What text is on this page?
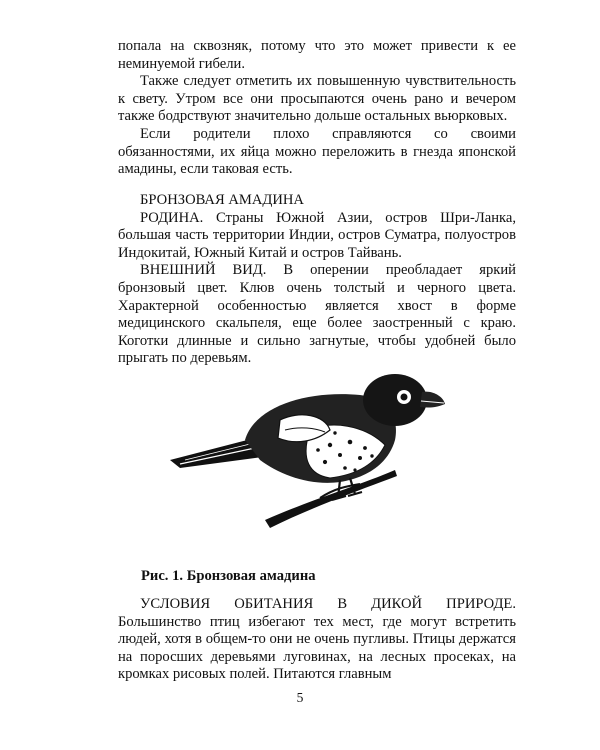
попала на сквозняк, потому что это может привести к ее неминуемой гибели.

Также следует отметить их повышенную чувствительность к свету. Утром все они просыпаются очень рано и вечером также бодрствуют значительно дольше остальных вьюрковых.

Если родители плохо справляются со своими обязанностями, их яйца можно переложить в гнезда японской амадины, если таковая есть.

БРОНЗОВАЯ АМАДИНА

РОДИНА. Страны Южной Азии, остров Шри-Ланка, большая часть территории Индии, остров Суматра, полуостров Индокитай, Южный Китай и остров Тайвань.

ВНЕШНИЙ ВИД. В оперении преобладает яркий бронзовый цвет. Клюв очень толстый и черного цвета. Характерной особенностью является хвост в форме медицинского скальпеля, еще более заостренный с краю. Коготки длинные и сильно загнутые, чтобы удобней было прыгать по деревьям.

Рис. 1. Бронзовая амадина

УСЛОВИЯ ОБИТАНИЯ В ДИКОЙ ПРИРОДЕ. Большинство птиц избегают тех мест, где могут встретить людей, хотя в общем-то они не очень пугливы. Птицы держатся на поросших деревьями луговинах, на лесных просеках, на кромках рисовых полей. Питаются главным

5
